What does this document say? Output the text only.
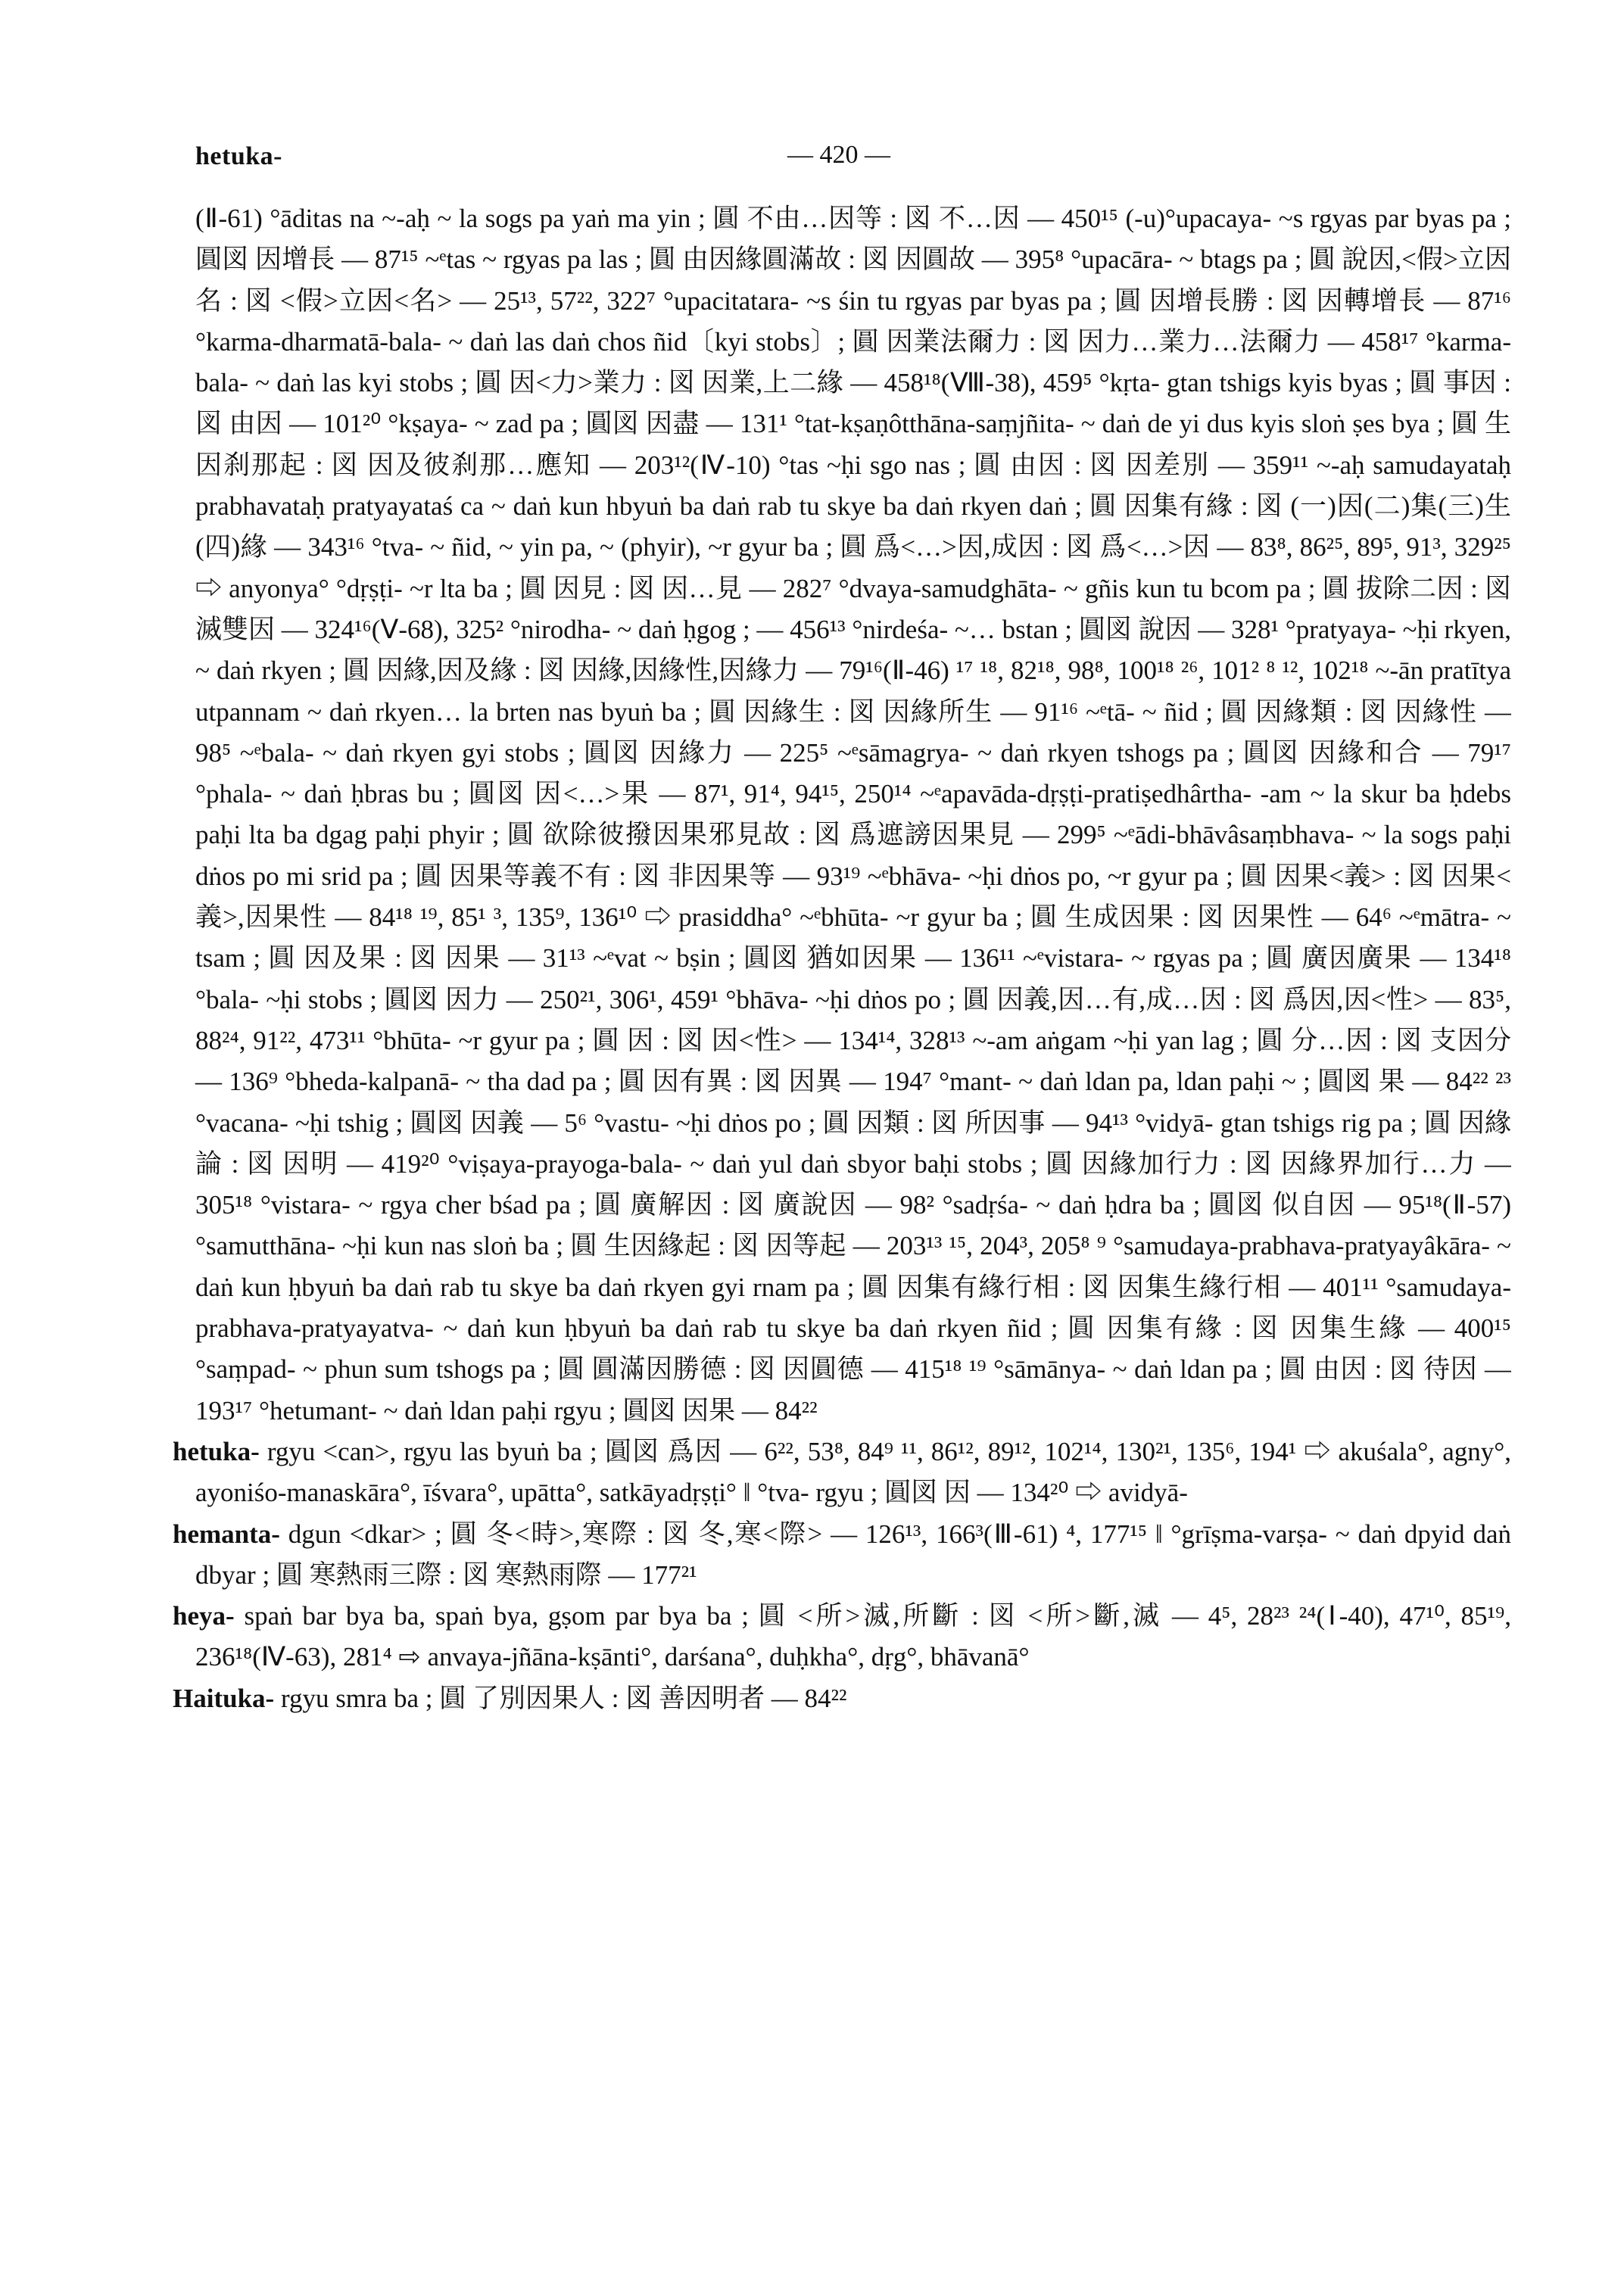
hetuka-	— 420 —

(Ⅱ-61) °āditas na ~-aḥ ~ la sogs pa yaṅ ma yin ; 圓 不由…因等 : 図 不…因 — 450¹⁵ (-u)°upacaya- ~s rgyas par byas pa ; 圓図 因增長 — 87¹⁵ ~ᵉtas ~ rgyas pa las ; 圓 由因緣圓滿故 : 図 因圓故 — 395⁸ °upacāra- ~ btags pa ; 圓 說因,<假>立因名 : 図 <假>立因<名> — 25¹³, 57²², 322⁷ °upacitatara- ~s śin tu rgyas par byas pa ; 圓 因增長勝 : 図 因轉增長 — 87¹⁶ °karma-dharmatā-bala- ~ daṅ las daṅ chos ñid〔kyi stobs〕; 圓 因業法爾力 : 図 因力…業力…法爾力 — 458¹⁷ °karma-bala- ~ daṅ las kyi stobs ; 圓 因<力>業力 : 図 因業,上二緣 — 458¹⁸(Ⅷ-38), 459⁵ °kṛta- gtan tshigs kyis byas ; 圓 事因 : 図 由因 — 101²⁰ °kṣaya- ~ zad pa ; 圓図 因盡 — 131¹ °tat-kṣaṇôtthāna-saṃjñita- ~ daṅ de yi dus kyis sloṅ ṣes bya ; 圓 生因刹那起 : 図 因及彼刹那…應知 — 203¹²(Ⅳ-10) °tas ~ḥi sgo nas ; 圓 由因 : 図 因差別 — 359¹¹ ~-aḥ samudayataḥ prabhavataḥ pratyayataś ca ~ daṅ kun hbyuṅ ba daṅ rab tu skye ba daṅ rkyen daṅ ; 圓 因集有緣 : 図 (一)因(二)集(三)生(四)緣 — 343¹⁶ °tva- ~ ñid, ~ yin pa, ~ (phyir), ~r gyur ba ; 圓 爲<…>因,成因 : 図 爲<…>因 — 83⁸, 86²⁵, 89⁵, 91³, 329²⁵ ⇨ anyonya° °dṛṣṭi- ~r lta ba ; 圓 因見 : 図 因…見 — 282⁷ °dvaya-samudghāta- ~ gñis kun tu bcom pa ; 圓 拔除二因 : 図 滅雙因 — 324¹⁶(Ⅴ-68), 325² °nirodha- ~ daṅ ḥgog ; — 456¹³ °nirdeśa- ~… bstan ; 圓図 說因 — 328¹ °pratyaya- ~ḥi rkyen, ~ daṅ rkyen ; 圓 因緣,因及緣 : 図 因緣,因緣性,因緣力 — 79¹⁶(Ⅱ-46) ¹⁷ ¹⁸, 82¹⁸, 98⁸, 100¹⁸ ²⁶, 101² ⁸ ¹², 102¹⁸ ~-ān pratītya utpannam ~ daṅ rkyen… la brten nas byuṅ ba ; 圓 因緣生 : 図 因緣所生 — 91¹⁶ ~ᵉtā- ~ ñid ; 圓 因緣類 : 図 因緣性 — 98⁵ ~ᵉbala- ~ daṅ rkyen gyi stobs ; 圓図 因緣力 — 225⁵ ~ᵉsāmagrya- ~ daṅ rkyen tshogs pa ; 圓図 因緣和合 — 79¹⁷ °phala- ~ daṅ ḥbras bu ; 圓図 因<…>果 — 87¹, 91⁴, 94¹⁵, 250¹⁴ ~ᵉapavāda-dṛṣṭi-pratiṣedhârtha- -am ~ la skur ba ḥdebs paḥi lta ba dgag paḥi phyir ; 圓 欲除彼撥因果邪見故 : 図 爲遮謗因果見 — 299⁵ ~ᵉādi-bhāvâsaṃbhava- ~ la sogs paḥi dṅos po mi srid pa ; 圓 因果等義不有 : 図 非因果等 — 93¹⁹ ~ᵉbhāva- ~ḥi dṅos po, ~r gyur pa ; 圓 因果<義> : 図 因果<義>,因果性 — 84¹⁸ ¹⁹, 85¹ ³, 135⁹, 136¹⁰ ⇨ prasiddha° ~ᵉbhūta- ~r gyur ba ; 圓 生成因果 : 図 因果性 — 64⁶ ~ᵉmātra- ~ tsam ; 圓 因及果 : 図 因果 — 31¹³ ~ᵉvat ~ bṣin ; 圓図 猶如因果 — 136¹¹ ~ᵉvistara- ~ rgyas pa ; 圓 廣因廣果 — 134¹⁸ °bala- ~ḥi stobs ; 圓図 因力 — 250²¹, 306¹, 459¹ °bhāva- ~ḥi dṅos po ; 圓 因義,因…有,成…因 : 図 爲因,因<性> — 83⁵, 88²⁴, 91²², 473¹¹ °bhūta- ~r gyur pa ; 圓 因 : 図 因<性> — 134¹⁴, 328¹³ ~-am aṅgam ~ḥi yan lag ; 圓 分…因 : 図 支因分 — 136⁹ °bheda-kalpanā- ~ tha dad pa ; 圓 因有異 : 図 因異 — 194⁷ °mant- ~ daṅ ldan pa, ldan paḥi ~ ; 圓図 果 — 84²² ²³ °vacana- ~ḥi tshig ; 圓図 因義 — 5⁶ °vastu- ~ḥi dṅos po ; 圓 因類 : 図 所因事 — 94¹³ °vidyā- gtan tshigs rig pa ; 圓 因緣論 : 図 因明 — 419²⁰ °viṣaya-prayoga-bala- ~ daṅ yul daṅ sbyor baḥi stobs ; 圓 因緣加行力 : 図 因緣界加行…力 — 305¹⁸ °vistara- ~ rgya cher bśad pa ; 圓 廣解因 : 図 廣說因 — 98² °sadṛśa- ~ daṅ ḥdra ba ; 圓図 似自因 — 95¹⁸(Ⅱ-57) °samutthāna- ~ḥi kun nas sloṅ ba ; 圓 生因緣起 : 図 因等起 — 203¹³ ¹⁵, 204³, 205⁸ ⁹ °samudaya-prabhava-pratyayâkāra- ~ daṅ kun ḥbyuṅ ba daṅ rab tu skye ba daṅ rkyen gyi rnam pa ; 圓 因集有緣行相 : 図 因集生緣行相 — 401¹¹ °samudaya-prabhava-pratyayatva- ~ daṅ kun ḥbyuṅ ba daṅ rab tu skye ba daṅ rkyen ñid ; 圓 因集有緣 : 図 因集生緣 — 400¹⁵ °saṃpad- ~ phun sum tshogs pa ; 圓 圓滿因勝德 : 図 因圓德 — 415¹⁸ ¹⁹ °sāmānya- ~ daṅ ldan pa ; 圓 由因 : 図 待因 — 193¹⁷ °hetumant- ~ daṅ ldan paḥi rgyu ; 圓図 因果 — 84²²

hetuka- rgyu <can>, rgyu las byuṅ ba ; 圓図 爲因 — 6²², 53⁸, 84⁹ ¹¹, 86¹², 89¹², 102¹⁴, 130²¹, 135⁶, 194¹ ⇨ akuśala°, agny°, ayoniśo-manaskāra°, īśvara°, upātta°, satkāyadṛṣṭi° ‖ °tva- rgyu ; 圓図 因 — 134²⁰ ⇨ avidyā-

hemanta- dgun <dkar> ; 圓 冬<時>,寒際 : 図 冬,寒<際> — 126¹³, 166³(Ⅲ-61) ⁴, 177¹⁵ ‖ °grīṣma-varṣa- ~ daṅ dpyid daṅ dbyar ; 圓 寒熱雨三際 : 図 寒熱雨際 — 177²¹

heya- spaṅ bar bya ba, spaṅ bya, gṣom par bya ba ; 圓 <所>滅,所斷 : 図 <所>斷,滅 — 4⁵, 28²³ ²⁴(Ⅰ-40), 47¹⁰, 85¹⁹, 236¹⁸(Ⅳ-63), 281⁴ ⇨ anvaya-jñāna-kṣānti°, darśana°, duḥkha°, dṛg°, bhāvanā°

Haituka- rgyu smra ba ; 圓 了別因果人 : 図 善因明者 — 84²²
